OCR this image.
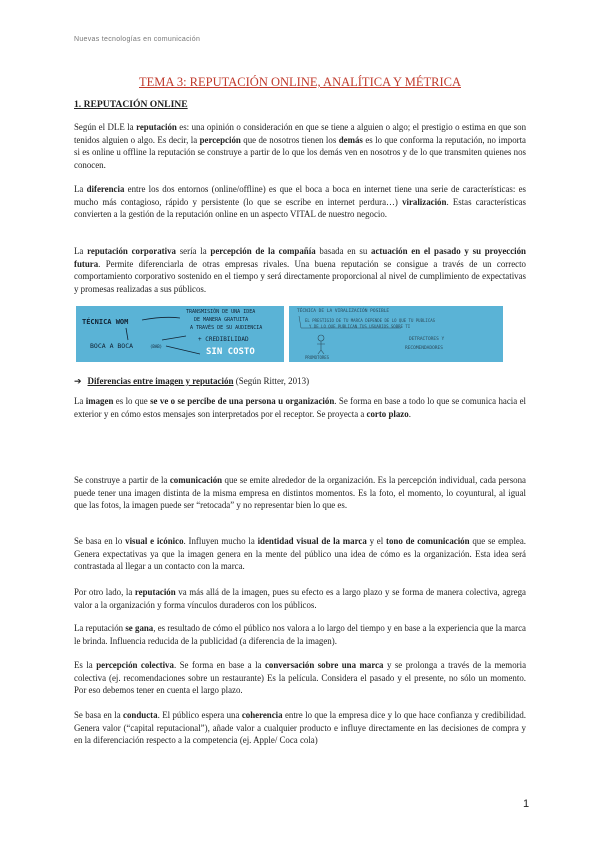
Nuevas tecnologías en comunicación
TEMA 3: REPUTACIÓN ONLINE, ANALÍTICA Y MÉTRICA
1. REPUTACIÓN ONLINE

Según el DLE la reputación es: una opinión o consideración en que se tiene a alguien o algo; el prestigio o estima en que son tenidos alguien o algo. Es decir, la percepción que de nosotros tienen los demás es lo que conforma la reputación, no importa si es online u offline la reputación se construye a partir de lo que los demás ven en nosotros y de lo que transmiten quienes nos conocen.

La diferencia entre los dos entornos (online/offline) es que el boca a boca en internet tiene una serie de características: es mucho más contagioso, rápido y persistente (lo que se escribe en internet perdura…) viralización. Estas características convierten a la gestión de la reputación online en un aspecto VITAL de nuestro negocio.

La reputación corporativa sería la percepción de la compañía basada en su actuación en el pasado y su proyección futura. Permite diferenciarla de otras empresas rivales. Una buena reputación se consigue a través de un correcto comportamiento corporativo sostenido en el tiempo y será directamente proporcional al nivel de cumplimiento de expectativas y promesas realizadas a sus públicos.

TÉCNICA WOM
TRANSMISIÓN DE UNA IDEA
DE MANERA GRATUITA
A TRAVÉS DE SU AUDIENCIA
BOCA A BOCA	(BAB)
+ CREDIBILIDAD
SIN COSTO
TÉCNICA DE LA VIRALIZACIÓN POSIBLE
EL PRESTIGIO DE TU MARCA DEPENDE DE LO QUE TU PUBLICAS
Y DE LO QUE PUBLICAN TUS USUARIOS SOBRE TI
DETRACTORES Y
RECOMENDADORES
PROMOTORES
➔ Diferencias entre imagen y reputación (Según Ritter, 2013)

La imagen es lo que se ve o se percibe de una persona u organización. Se forma en base a todo lo que se comunica hacia el exterior y en cómo estos mensajes son interpretados por el receptor. Se proyecta a corto plazo.

Se construye a partir de la comunicación que se emite alrededor de la organización. Es la percepción individual, cada persona puede tener una imagen distinta de la misma empresa en distintos momentos. Es la foto, el momento, lo coyuntural, al igual que las fotos, la imagen puede ser “retocada” y no representar bien lo que es.

Se basa en lo visual e icónico. Influyen mucho la identidad visual de la marca y el tono de comunicación que se emplea. Genera expectativas ya que la imagen genera en la mente del público una idea de cómo es la organización. Esta idea será contrastada al llegar a un contacto con la marca.

Por otro lado, la reputación va más allá de la imagen, pues su efecto es a largo plazo y se forma de manera colectiva, agrega valor a la organización y forma vínculos duraderos con los públicos.

La reputación se gana, es resultado de cómo el público nos valora a lo largo del tiempo y en base a la experiencia que la marca le brinda. Influencia reducida de la publicidad (a diferencia de la imagen).

Es la percepción colectiva. Se forma en base a la conversación sobre una marca y se prolonga a través de la memoria colectiva (ej. recomendaciones sobre un restaurante) Es la película. Considera el pasado y el presente, no sólo un momento. Por eso debemos tener en cuenta el largo plazo.

Se basa en la conducta. El público espera una coherencia entre lo que la empresa dice y lo que hace confianza y credibilidad. Genera valor (“capital reputacional”), añade valor a cualquier producto e influye directamente en las decisiones de compra y en la diferenciación respecto a la competencia (ej. Apple/ Coca cola)

1
